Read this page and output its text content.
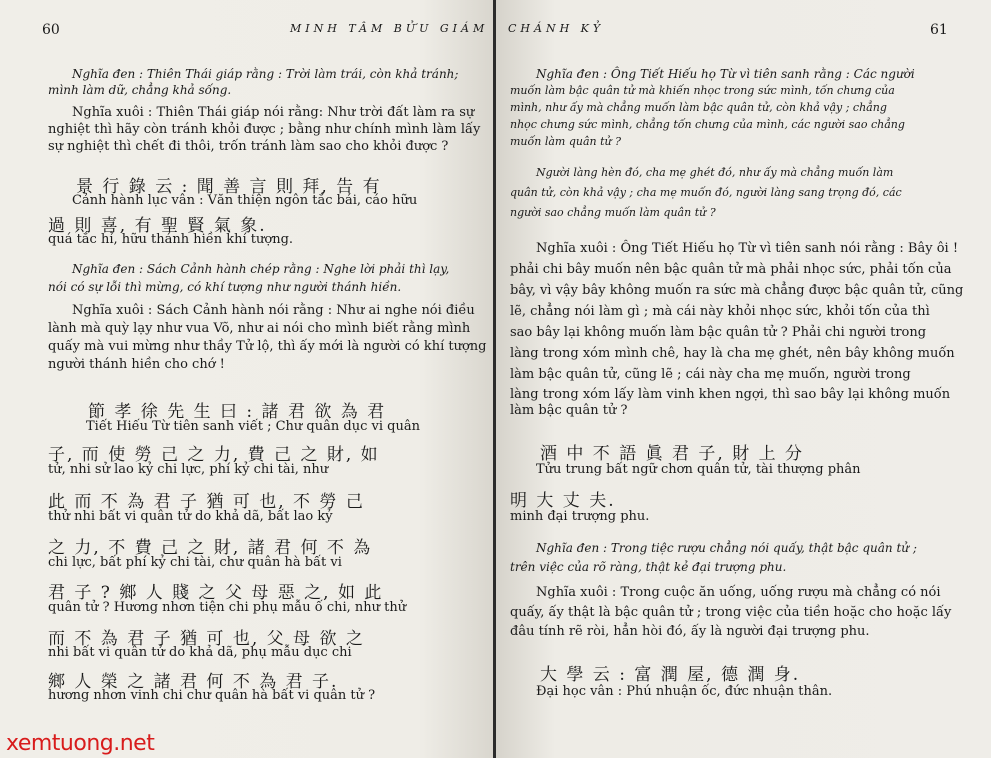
60	MINH TÂM BỬU GIÁM
Nghĩa đen : Thiên Thái giáp rằng : Trời làm trái, còn khả tránh;
mình làm dữ, chẳng khả sống.
Nghĩa xuôi : Thiên Thái giáp nói rằng: Như trời đất làm ra sự
nghiệt thì hãy còn tránh khỏi được ; bằng như chính mình làm lấy
sự nghiệt thì chết đi thôi, trốn tránh làm sao cho khỏi được ?
景 行 錄 云 : 聞 善 言 則 拜, 告 有
Cảnh hành lục vân : Văn thiện ngôn tắc bái, cáo hữu
過 則 喜, 有 聖 賢 氣 象.
quá tắc hỉ, hữu thánh hiền khí tượng.
Nghĩa đen : Sách Cảnh hành chép rằng : Nghe lời phải thì lạy,
nói có sự lỗi thì mừng, có khí tượng như người thánh hiền.
Nghĩa xuôi : Sách Cảnh hành nói rằng : Như ai nghe nói điều
lành mà quỳ lạy như vua Võ, như ai nói cho mình biết rằng mình
quấy mà vui mừng như thầy Tử lộ, thì ấy mới là người có khí tượng
người thánh hiền cho chớ !
節 孝 徐 先 生 曰 : 諸 君 欲 為 君
Tiết Hiếu Từ tiên sanh viết ; Chư quân dục vi quân
子, 而 使 勞 己 之 力, 費 己 之 財, 如
tử, nhi sử lao kỷ chi lực, phí kỷ chi tài, như
此 而 不 為 君 子 猶 可 也, 不 勞 己
thử nhi bất vi quân tử do khả dã, bất lao kỷ
之 力, 不 費 己 之 財, 諸 君 何 不 為
chi lực, bất phí kỷ chi tài, chư quân hà bất vi
君 子 ? 鄉 人 賤 之 父 母 惡 之, 如 此
quân tử ? Hương nhơn tiện chi phụ mẫu ố chi, như thử
而 不 為 君 子 猶 可 也, 父 母 欲 之
nhi bất vi quân tử do khả dã, phụ mẫu dục chi
鄉 人 榮 之 諸 君 何 不 為 君 子.
hương nhơn vinh chi chư quân hà bất vi quân tử ?
CHÁNH KỶ	61
Nghĩa đen : Ông Tiết Hiếu họ Từ vì tiên sanh rằng : Các người
muốn làm bậc quân tử mà khiến nhọc trong sức mình, tốn chưng của
mình, như ấy mà chẳng muốn làm bậc quân tử, còn khả vậy ; chẳng
nhọc chưng sức mình, chẳng tốn chưng của mình, các người sao chẳng
muốn làm quân tử ?
Người làng hèn đó, cha mẹ ghét đó, như ấy mà chẳng muốn làm
quân tử, còn khả vậy ; cha mẹ muốn đó, người làng sang trọng đó, các
người sao chẳng muốn làm quân tử ?
Nghĩa xuôi : Ông Tiết Hiếu họ Từ vì tiên sanh nói rằng : Bây ôi !
phải chi bây muốn nên bậc quân tử mà phải nhọc sức, phải tốn của
bây, vì vậy bây không muốn ra sức mà chẳng được bậc quân tử, cũng
lẽ, chẳng nói làm gì ; mà cái này khỏi nhọc sức, khỏi tốn của thì
sao bây lại không muốn làm bậc quân tử ? Phải chi người trong
làng trong xóm mình chê, hay là cha mẹ ghét, nên bây không muốn
làm bậc quân tử, cũng lẽ ; cái này cha mẹ muốn, người trong
làng trong xóm lấy làm vinh khen ngợi, thì sao bây lại không muốn
làm bậc quân tử ?
酒 中 不 語 眞 君 子, 財 上 分
Tửu trung bất ngữ chơn quân tử, tài thượng phân
明 大 丈 夫.
minh đại trượng phu.
Nghĩa đen : Trong tiệc rượu chẳng nói quấy, thật bậc quân tử ;
trên việc của rõ ràng, thật kẻ đại trượng phu.
Nghĩa xuôi : Trong cuộc ăn uống, uống rượu mà chẳng có nói
quấy, ấy thật là bậc quân tử ; trong việc của tiền hoặc cho hoặc lấy
đâu tính rẽ ròi, hẳn hòi đó, ấy là người đại trượng phu.
大 學 云 : 富 潤 屋, 德 潤 身.
Đại học vân : Phú nhuận ốc, đức nhuận thân.
xemtuong.net
